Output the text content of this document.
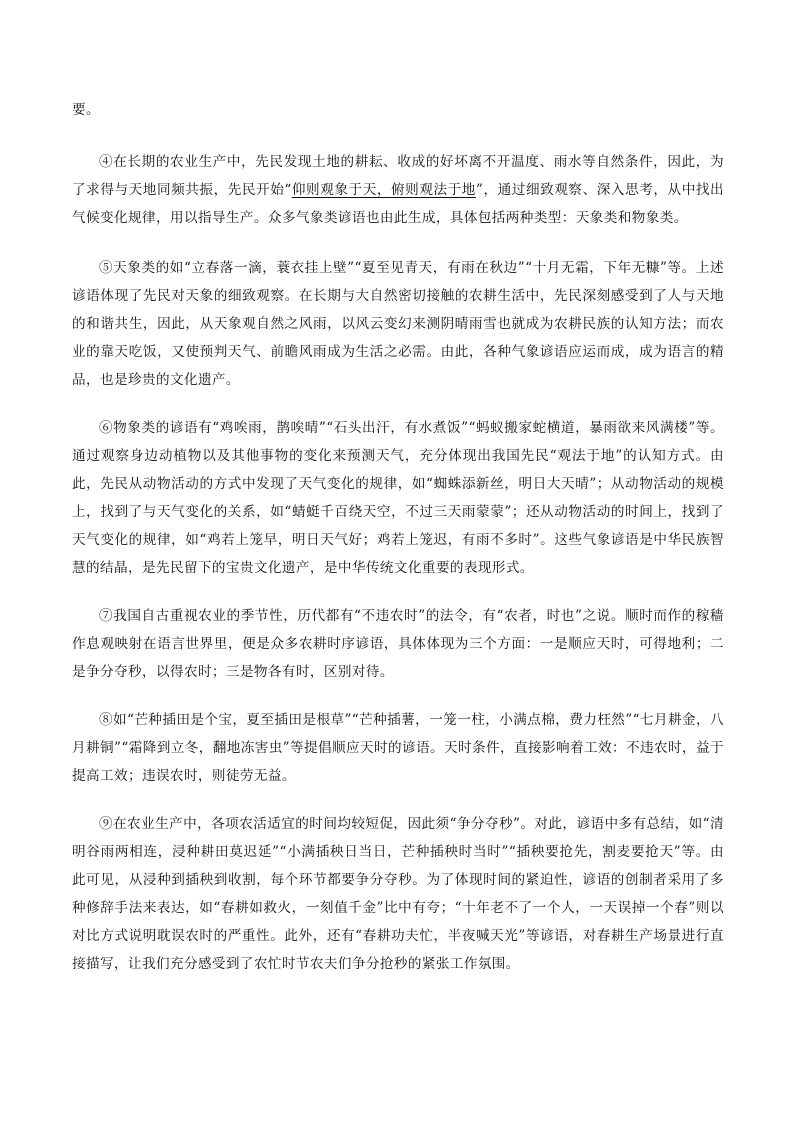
要。

④在长期的农业生产中，先民发现土地的耕耘、收成的好坏离不开温度、雨水等自然条件，因此，为了求得与天地同频共振，先民开始“仰则观象于天，俯则观法于地”，通过细致观察、深入思考，从中找出气候变化规律，用以指导生产。众多气象类谚语也由此生成，具体包括两种类型：天象类和物象类。

⑤天象类的如“立春落一滴，蓑衣挂上壁”“夏至见青天，有雨在秋边”“十月无霜，下年无糠”等。上述谚语体现了先民对天象的细致观察。在长期与大自然密切接触的农耕生活中，先民深刻感受到了人与天地的和谐共生，因此，从天象观自然之风雨，以风云变幻来测阴晴雨雪也就成为农耕民族的认知方法；而农业的靠天吃饭，又使预判天气、前瞻风雨成为生活之必需。由此，各种气象谚语应运而成，成为语言的精品，也是珍贵的文化遗产。

⑥物象类的谚语有“鸡唉雨，鹊唉晴”“石头出汗，有水煮饭”“蚂蚁搬家蛇横道，暴雨欲来风满楼”等。通过观察身边动植物以及其他事物的变化来预测天气，充分体现出我国先民“观法于地”的认知方式。由此，先民从动物活动的方式中发现了天气变化的规律，如“蜘蛛添新丝，明日大天晴”；从动物活动的规模上，找到了与天气变化的关系，如“蜻蜓千百绕天空，不过三天雨蒙蒙”；还从动物活动的时间上，找到了天气变化的规律，如“鸡若上笼早，明日天气好；鸡若上笼迟，有雨不多时”。这些气象谚语是中华民族智慧的结晶，是先民留下的宝贵文化遗产，是中华传统文化重要的表现形式。

⑦我国自古重视农业的季节性，历代都有“不违农时”的法令，有“农者，时也”之说。顺时而作的稼穑作息观映射在语言世界里，便是众多农耕时序谚语，具体体现为三个方面：一是顺应天时，可得地利；二是争分夺秒，以得农时；三是物各有时，区别对待。

⑧如“芒种插田是个宝，夏至插田是根草”“芒种插薯，一笼一柱，小满点棉，费力枉然”“七月耕金，八月耕铜”“霜降到立冬，翻地冻害虫”等提倡顺应天时的谚语。天时条件，直接影响着工效：不违农时，益于提高工效；违误农时，则徒劳无益。

⑨在农业生产中，各项农活适宜的时间均较短促，因此须“争分夺秒”。对此，谚语中多有总结，如“清明谷雨两相连，浸种耕田莫迟延”“小满插秧日当日，芒种插秧时当时”“插秧要抢先，割麦要抢天”等。由此可见，从浸种到插秧到收割，每个环节都要争分夺秒。为了体现时间的紧迫性，谚语的创制者采用了多种修辞手法来表达，如“春耕如救火，一刻值千金”比中有夸；“十年老不了一个人，一天误掉一个春”则以对比方式说明耽误农时的严重性。此外，还有“春耕功夫忙，半夜喊天光”等谚语，对春耕生产场景进行直接描写，让我们充分感受到了农忙时节农夫们争分抢秒的紧张工作氛围。
